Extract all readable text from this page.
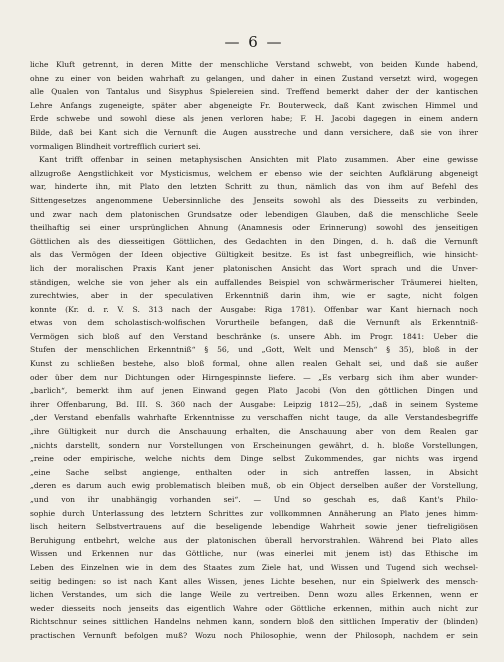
— 6 —
liche Kluft getrennt, in deren Mitte der menschliche Verstand schwebt, von beiden Kunde habend,
ohne zu einer von beiden wahrhaft zu gelangen, und daher in einen Zustand versetzt wird, wogegen
alle Qualen von Tantalus und Sisyphus Spielereien sind. Treffend bemerkt daher der der kantischen
Lehre Anfangs zugeneigte, später aber abgeneigte Fr. Bouterweck, daß Kant zwischen Himmel und
Erde schwebe und sowohl diese als jenen verloren habe; F. H. Jacobi dagegen in einem andern
Bilde, daß bei Kant sich die Vernunft die Augen ausstreche und dann versichere, daß sie von ihrer
vormaligen Blindheit vortrefflich curiert sei.
Kant trifft offenbar in seinen metaphysischen Ansichten mit Plato zusammen. Aber eine gewisse
allzugroße Aengstlichkeit vor Mysticismus, welchem er ebenso wie der seichten Aufklärung abgeneigt
war, hinderte ihn, mit Plato den letzten Schritt zu thun, nämlich das von ihm auf Befehl des
Sittengesetzes angenommene Uebersinnliche des Jenseits sowohl als des Diesseits zu verbinden,
und zwar nach dem platonischen Grundsatze oder lebendigen Glauben, daß die menschliche Seele
theilhaftig sei einer ursprünglichen Ahnung (Anamnesis oder Erinnerung) sowohl des jenseitigen
Göttlichen als des diesseitigen Göttlichen, des Gedachten in den Dingen, d. h. daß die Vernunft
als das Vermögen der Ideen objective Gültigkeit besitze. Es ist fast unbegreiflich, wie hinsicht-
lich der moralischen Praxis Kant jener platonischen Ansicht das Wort sprach und die Unver-
ständigen, welche sie von jeher als ein auffallendes Beispiel von schwärmerischer Träumerei hielten,
zurechtwies, aber in der speculativen Erkenntniß darin ihm, wie er sagte, nicht folgen
konnte (Kr. d. r. V. S. 313 nach der Ausgabe: Riga 1781). Offenbar war Kant hiernach noch
etwas von dem scholastisch-wolfischen Vorurtheile befangen, daß die Vernunft als Erkenntniß-
Vermögen sich bloß auf den Verstand beschränke (s. unsere Abh. im Progr. 1841: Ueber die
Stufen der menschlichen Erkenntniß“ § 56, und „Gott, Welt und Mensch“ § 35), bloß in der
Kunst zu schließen bestehe, also bloß formal, ohne allen realen Gehalt sei, und daß sie außer
oder über dem nur Dichtungen oder Hirngespinnste liefere. — „Es verbarg sich ihm aber wunder-
„barlich“, bemerkt ihm auf jenen Einwand gegen Plato Jacobi (Von den göttlichen Dingen und
ihrer Offenbarung, Bd. III. S. 360 nach der Ausgabe: Leipzig 1812—25), „daß in seinem Systeme
„der Verstand ebenfalls wahrhafte Erkenntnisse zu verschaffen nicht tauge, da alle Verstandesbegriffe
„ihre Gültigkeit nur durch die Anschauung erhalten, die Anschauung aber von dem Realen gar
„nichts darstellt, sondern nur Vorstellungen von Erscheinungen gewährt, d. h. bloße Vorstellungen,
„reine oder empirische, welche nichts dem Dinge selbst Zukommendes, gar nichts was irgend
„eine Sache selbst angienge, enthalten oder in sich antreffen lassen, in Absicht
„deren es darum auch ewig problematisch bleiben muß, ob ein Object derselben außer der Vorstellung,
„und von ihr unabhängig vorhanden sei“. — Und so geschah es, daß Kant's Philo-
sophie durch Unterlassung des letztern Schrittes zur vollkommnen Annäherung an Plato jenes himm-
lisch heitern Selbstvertrauens auf die beseligende lebendige Wahrheit sowie jener tiefreligiösen
Beruhigung entbehrt, welche aus der platonischen überall hervorstrahlen. Während bei Plato alles
Wissen und Erkennen nur das Göttliche, nur (was einerlei mit jenem ist) das Ethische im
Leben des Einzelnen wie in dem des Staates zum Ziele hat, und Wissen und Tugend sich wechsel-
seitig bedingen: so ist nach Kant alles Wissen, jenes Lichte besehen, nur ein Spielwerk des mensch-
lichen Verstandes, um sich die lange Weile zu vertreiben. Denn wozu alles Erkennen, wenn er
weder diesseits noch jenseits das eigentlich Wahre oder Göttliche erkennen, mithin auch nicht zur
Richtschnur seines sittlichen Handelns nehmen kann, sondern bloß den sittlichen Imperativ der (blinden)
practischen Vernunft befolgen muß? Wozu noch Philosophie, wenn der Philosoph, nachdem er sein
